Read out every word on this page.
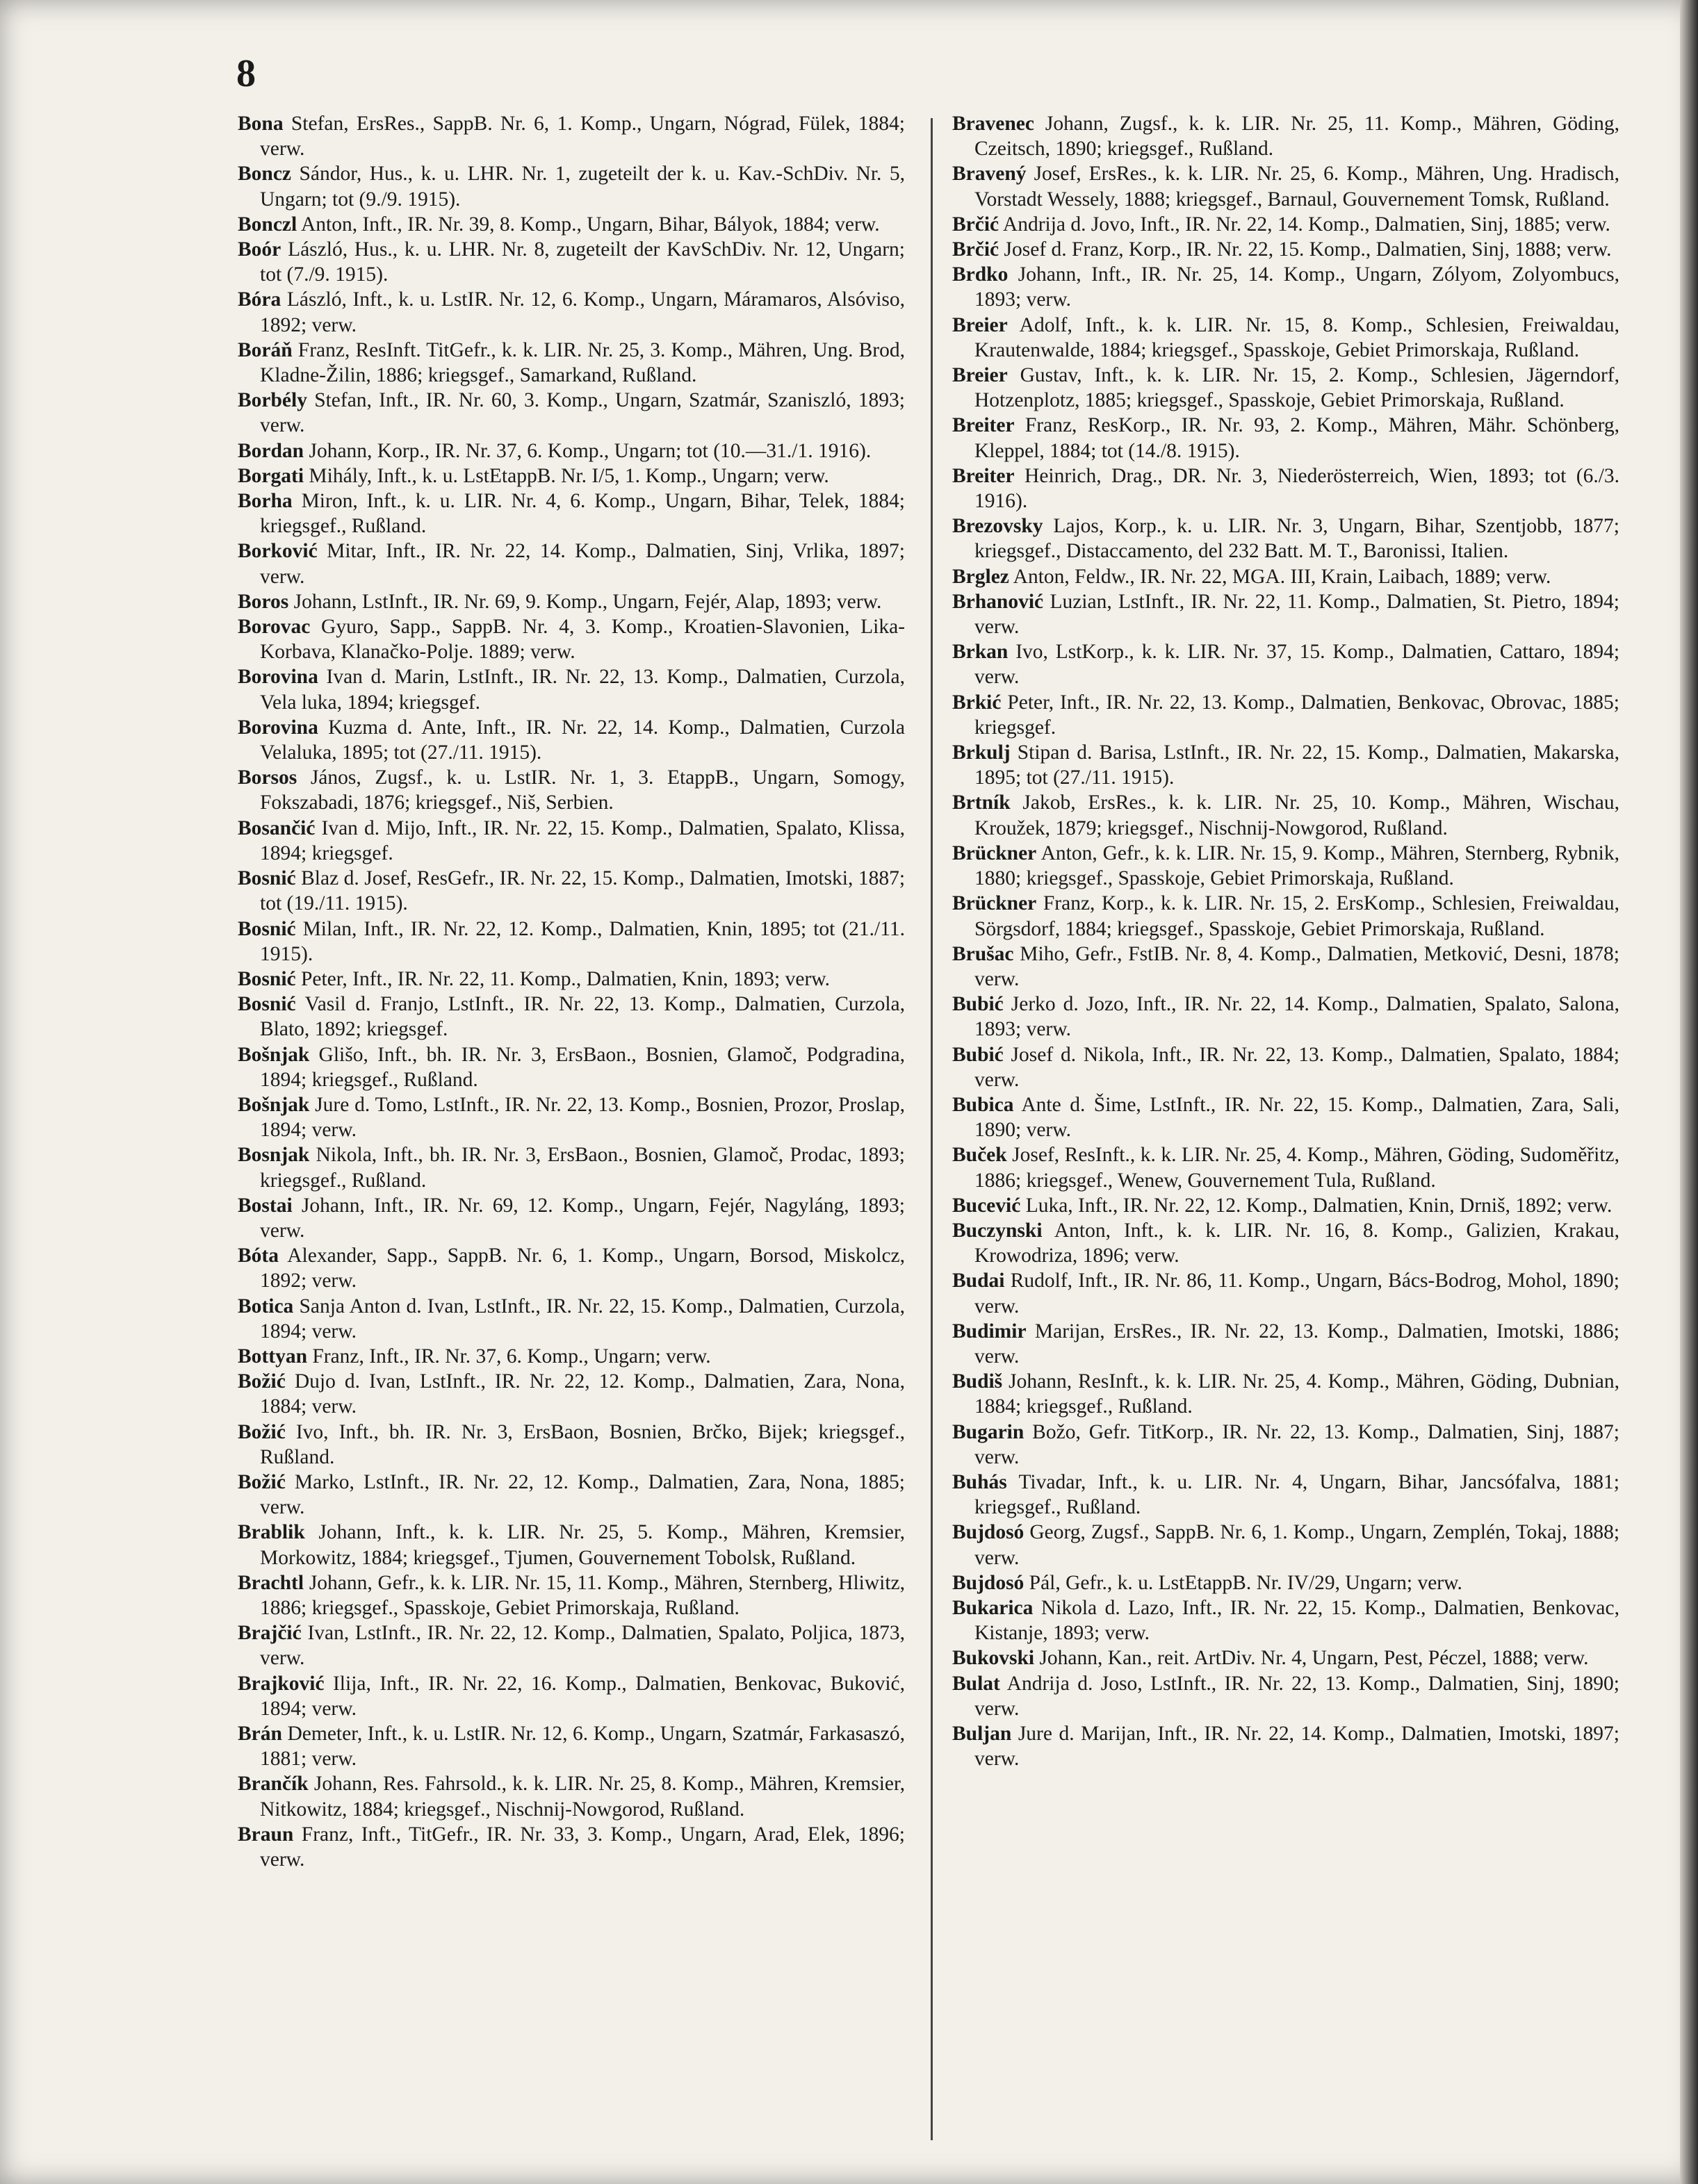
8

Bona Stefan, ErsRes., SappB. Nr. 6, 1. Komp., Ungarn, Nógrad, Fülek, 1884; verw.

Boncz Sándor, Hus., k. u. LHR. Nr. 1, zugeteilt der k. u. Kav.-SchDiv. Nr. 5, Ungarn; tot (9./9. 1915).

Bonczl Anton, Inft., IR. Nr. 39, 8. Komp., Ungarn, Bihar, Bályok, 1884; verw.

Boór László, Hus., k. u. LHR. Nr. 8, zugeteilt der KavSchDiv. Nr. 12, Ungarn; tot (7./9. 1915).

Bóra László, Inft., k. u. LstIR. Nr. 12, 6. Komp., Ungarn, Máramaros, Alsóviso, 1892; verw.

Boráň Franz, ResInft. TitGefr., k. k. LIR. Nr. 25, 3. Komp., Mähren, Ung. Brod, Kladne-Žilin, 1886; kriegsgef., Samarkand, Rußland.

Borbély Stefan, Inft., IR. Nr. 60, 3. Komp., Ungarn, Szatmár, Szaniszló, 1893; verw.

Bordan Johann, Korp., IR. Nr. 37, 6. Komp., Ungarn; tot (10.—31./1. 1916).

Borgati Mihály, Inft., k. u. LstEtappB. Nr. I/5, 1. Komp., Ungarn; verw.

Borha Miron, Inft., k. u. LIR. Nr. 4, 6. Komp., Ungarn, Bihar, Telek, 1884; kriegsgef., Rußland.

Borković Mitar, Inft., IR. Nr. 22, 14. Komp., Dalmatien, Sinj, Vrlika, 1897; verw.

Boros Johann, LstInft., IR. Nr. 69, 9. Komp., Ungarn, Fejér, Alap, 1893; verw.

Borovac Gyuro, Sapp., SappB. Nr. 4, 3. Komp., Kroatien-Slavonien, Lika-Korbava, Klanačko-Polje. 1889; verw.

Borovina Ivan d. Marin, LstInft., IR. Nr. 22, 13. Komp., Dalmatien, Curzola, Vela luka, 1894; kriegsgef.

Borovina Kuzma d. Ante, Inft., IR. Nr. 22, 14. Komp., Dalmatien, Curzola Velaluka, 1895; tot (27./11. 1915).

Borsos János, Zugsf., k. u. LstIR. Nr. 1, 3. EtappB., Ungarn, Somogy, Fokszabadi, 1876; kriegsgef., Niš, Serbien.

Bosančić Ivan d. Mijo, Inft., IR. Nr. 22, 15. Komp., Dalmatien, Spalato, Klissa, 1894; kriegsgef.

Bosnić Blaz d. Josef, ResGefr., IR. Nr. 22, 15. Komp., Dalmatien, Imotski, 1887; tot (19./11. 1915).

Bosnić Milan, Inft., IR. Nr. 22, 12. Komp., Dalmatien, Knin, 1895; tot (21./11. 1915).

Bosnić Peter, Inft., IR. Nr. 22, 11. Komp., Dalmatien, Knin, 1893; verw.

Bosnić Vasil d. Franjo, LstInft., IR. Nr. 22, 13. Komp., Dalmatien, Curzola, Blato, 1892; kriegsgef.

Bošnjak Glišo, Inft., bh. IR. Nr. 3, ErsBaon., Bosnien, Glamoč, Podgradina, 1894; kriegsgef., Rußland.

Bošnjak Jure d. Tomo, LstInft., IR. Nr. 22, 13. Komp., Bosnien, Prozor, Proslap, 1894; verw.

Bosnjak Nikola, Inft., bh. IR. Nr. 3, ErsBaon., Bosnien, Glamoč, Prodac, 1893; kriegsgef., Rußland.

Bostai Johann, Inft., IR. Nr. 69, 12. Komp., Ungarn, Fejér, Nagyláng, 1893; verw.

Bóta Alexander, Sapp., SappB. Nr. 6, 1. Komp., Ungarn, Borsod, Miskolcz, 1892; verw.

Botica Sanja Anton d. Ivan, LstInft., IR. Nr. 22, 15. Komp., Dalmatien, Curzola, 1894; verw.

Bottyan Franz, Inft., IR. Nr. 37, 6. Komp., Ungarn; verw.

Božić Dujo d. Ivan, LstInft., IR. Nr. 22, 12. Komp., Dalmatien, Zara, Nona, 1884; verw.

Božić Ivo, Inft., bh. IR. Nr. 3, ErsBaon, Bosnien, Brčko, Bijek; kriegsgef., Rußland.

Božić Marko, LstInft., IR. Nr. 22, 12. Komp., Dalmatien, Zara, Nona, 1885; verw.

Brablik Johann, Inft., k. k. LIR. Nr. 25, 5. Komp., Mähren, Kremsier, Morkowitz, 1884; kriegsgef., Tjumen, Gouvernement Tobolsk, Rußland.

Brachtl Johann, Gefr., k. k. LIR. Nr. 15, 11. Komp., Mähren, Sternberg, Hliwitz, 1886; kriegsgef., Spasskoje, Gebiet Primorskaja, Rußland.

Brajčić Ivan, LstInft., IR. Nr. 22, 12. Komp., Dalmatien, Spalato, Poljica, 1873, verw.

Brajković Ilija, Inft., IR. Nr. 22, 16. Komp., Dalmatien, Benkovac, Buković, 1894; verw.

Brán Demeter, Inft., k. u. LstIR. Nr. 12, 6. Komp., Ungarn, Szatmár, Farkasaszó, 1881; verw.

Brančík Johann, Res. Fahrsold., k. k. LIR. Nr. 25, 8. Komp., Mähren, Kremsier, Nitkowitz, 1884; kriegsgef., Nischnij-Nowgorod, Rußland.

Braun Franz, Inft., TitGefr., IR. Nr. 33, 3. Komp., Ungarn, Arad, Elek, 1896; verw.

Bravenec Johann, Zugsf., k. k. LIR. Nr. 25, 11. Komp., Mähren, Göding, Czeitsch, 1890; kriegsgef., Rußland.

Bravený Josef, ErsRes., k. k. LIR. Nr. 25, 6. Komp., Mähren, Ung. Hradisch, Vorstadt Wessely, 1888; kriegsgef., Barnaul, Gouvernement Tomsk, Rußland.

Brčić Andrija d. Jovo, Inft., IR. Nr. 22, 14. Komp., Dalmatien, Sinj, 1885; verw.

Brčić Josef d. Franz, Korp., IR. Nr. 22, 15. Komp., Dalmatien, Sinj, 1888; verw.

Brdko Johann, Inft., IR. Nr. 25, 14. Komp., Ungarn, Zólyom, Zolyombucs, 1893; verw.

Breier Adolf, Inft., k. k. LIR. Nr. 15, 8. Komp., Schlesien, Freiwaldau, Krautenwalde, 1884; kriegsgef., Spasskoje, Gebiet Primorskaja, Rußland.

Breier Gustav, Inft., k. k. LIR. Nr. 15, 2. Komp., Schlesien, Jägerndorf, Hotzenplotz, 1885; kriegsgef., Spasskoje, Gebiet Primorskaja, Rußland.

Breiter Franz, ResKorp., IR. Nr. 93, 2. Komp., Mähren, Mähr. Schönberg, Kleppel, 1884; tot (14./8. 1915).

Breiter Heinrich, Drag., DR. Nr. 3, Niederösterreich, Wien, 1893; tot (6./3. 1916).

Brezovsky Lajos, Korp., k. u. LIR. Nr. 3, Ungarn, Bihar, Szentjobb, 1877; kriegsgef., Distaccamento, del 232 Batt. M. T., Baronissi, Italien.

Brglez Anton, Feldw., IR. Nr. 22, MGA. III, Krain, Laibach, 1889; verw.

Brhanović Luzian, LstInft., IR. Nr. 22, 11. Komp., Dalmatien, St. Pietro, 1894; verw.

Brkan Ivo, LstKorp., k. k. LIR. Nr. 37, 15. Komp., Dalmatien, Cattaro, 1894; verw.

Brkić Peter, Inft., IR. Nr. 22, 13. Komp., Dalmatien, Benkovac, Obrovac, 1885; kriegsgef.

Brkulj Stipan d. Barisa, LstInft., IR. Nr. 22, 15. Komp., Dalmatien, Makarska, 1895; tot (27./11. 1915).

Brtník Jakob, ErsRes., k. k. LIR. Nr. 25, 10. Komp., Mähren, Wischau, Kroužek, 1879; kriegsgef., Nischnij-Nowgorod, Rußland.

Brückner Anton, Gefr., k. k. LIR. Nr. 15, 9. Komp., Mähren, Sternberg, Rybnik, 1880; kriegsgef., Spasskoje, Gebiet Primorskaja, Rußland.

Brückner Franz, Korp., k. k. LIR. Nr. 15, 2. ErsKomp., Schlesien, Freiwaldau, Sörgsdorf, 1884; kriegsgef., Spasskoje, Gebiet Primorskaja, Rußland.

Brušac Miho, Gefr., FstIB. Nr. 8, 4. Komp., Dalmatien, Metković, Desni, 1878; verw.

Bubić Jerko d. Jozo, Inft., IR. Nr. 22, 14. Komp., Dalmatien, Spalato, Salona, 1893; verw.

Bubić Josef d. Nikola, Inft., IR. Nr. 22, 13. Komp., Dalmatien, Spalato, 1884; verw.

Bubica Ante d. Šime, LstInft., IR. Nr. 22, 15. Komp., Dalmatien, Zara, Sali, 1890; verw.

Buček Josef, ResInft., k. k. LIR. Nr. 25, 4. Komp., Mähren, Göding, Sudoměřitz, 1886; kriegsgef., Wenew, Gouvernement Tula, Rußland.

Bucević Luka, Inft., IR. Nr. 22, 12. Komp., Dalmatien, Knin, Drniš, 1892; verw.

Buczynski Anton, Inft., k. k. LIR. Nr. 16, 8. Komp., Galizien, Krakau, Krowodriza, 1896; verw.

Budai Rudolf, Inft., IR. Nr. 86, 11. Komp., Ungarn, Bács-Bodrog, Mohol, 1890; verw.

Budimir Marijan, ErsRes., IR. Nr. 22, 13. Komp., Dalmatien, Imotski, 1886; verw.

Budiš Johann, ResInft., k. k. LIR. Nr. 25, 4. Komp., Mähren, Göding, Dubnian, 1884; kriegsgef., Rußland.

Bugarin Božo, Gefr. TitKorp., IR. Nr. 22, 13. Komp., Dalmatien, Sinj, 1887; verw.

Buhás Tivadar, Inft., k. u. LIR. Nr. 4, Ungarn, Bihar, Jancsófalva, 1881; kriegsgef., Rußland.

Bujdosó Georg, Zugsf., SappB. Nr. 6, 1. Komp., Ungarn, Zemplén, Tokaj, 1888; verw.

Bujdosó Pál, Gefr., k. u. LstEtappB. Nr. IV/29, Ungarn; verw.

Bukarica Nikola d. Lazo, Inft., IR. Nr. 22, 15. Komp., Dalmatien, Benkovac, Kistanje, 1893; verw.

Bukovski Johann, Kan., reit. ArtDiv. Nr. 4, Ungarn, Pest, Péczel, 1888; verw.

Bulat Andrija d. Joso, LstInft., IR. Nr. 22, 13. Komp., Dalmatien, Sinj, 1890; verw.

Buljan Jure d. Marijan, Inft., IR. Nr. 22, 14. Komp., Dalmatien, Imotski, 1897; verw.
